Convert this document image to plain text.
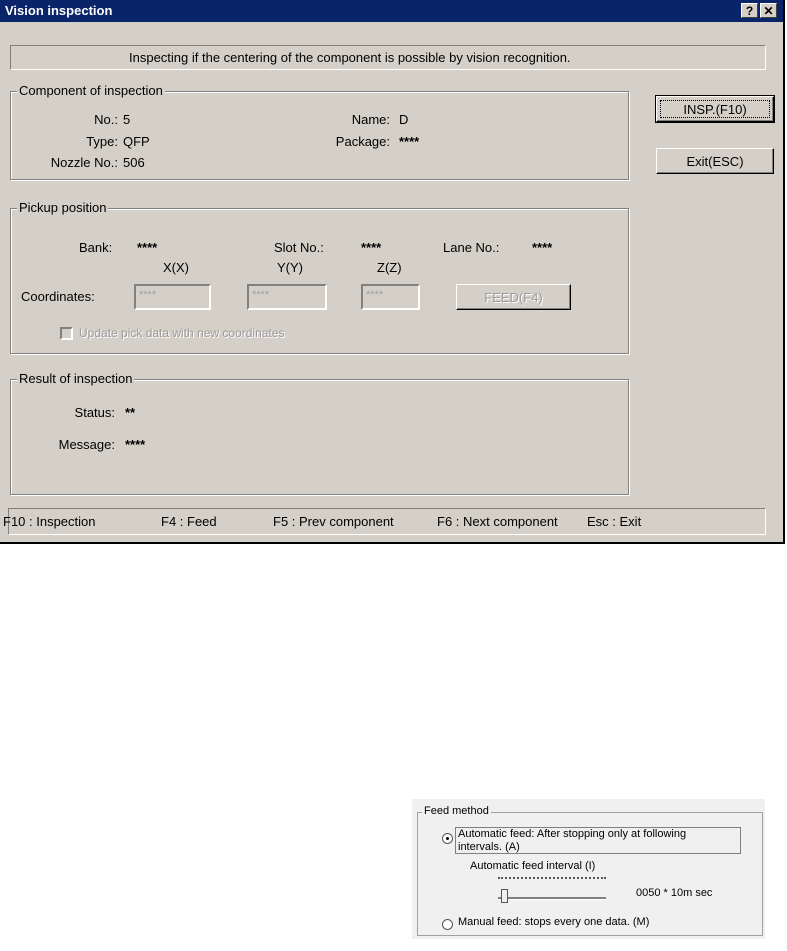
Vision inspection	? ✕
Inspecting if the centering of the component is possible by vision recognition.
Component of inspection
No.: 5
Type: QFP
Nozzle No.: 506
Name: D
Package: ****
INSP.(F10)
Exit(ESC)
Pickup position
Bank: ****	Slot No.:	****	Lane No.:	****
X(X)	Y(Y)	Z(Z)
Coordinates:	****	****	****	FEED(F4)
Update pick data with new coordinates
Result of inspection
Status: **
Message: ****
F10 : Inspection	F4 : Feed	F5 : Prev component	F6 : Next component Esc : Exit
Feed method
Automatic feed: After stopping only at following
intervals. (A)
Automatic feed interval (I)
0050 * 10m sec
Manual feed: stops every one data. (M)
